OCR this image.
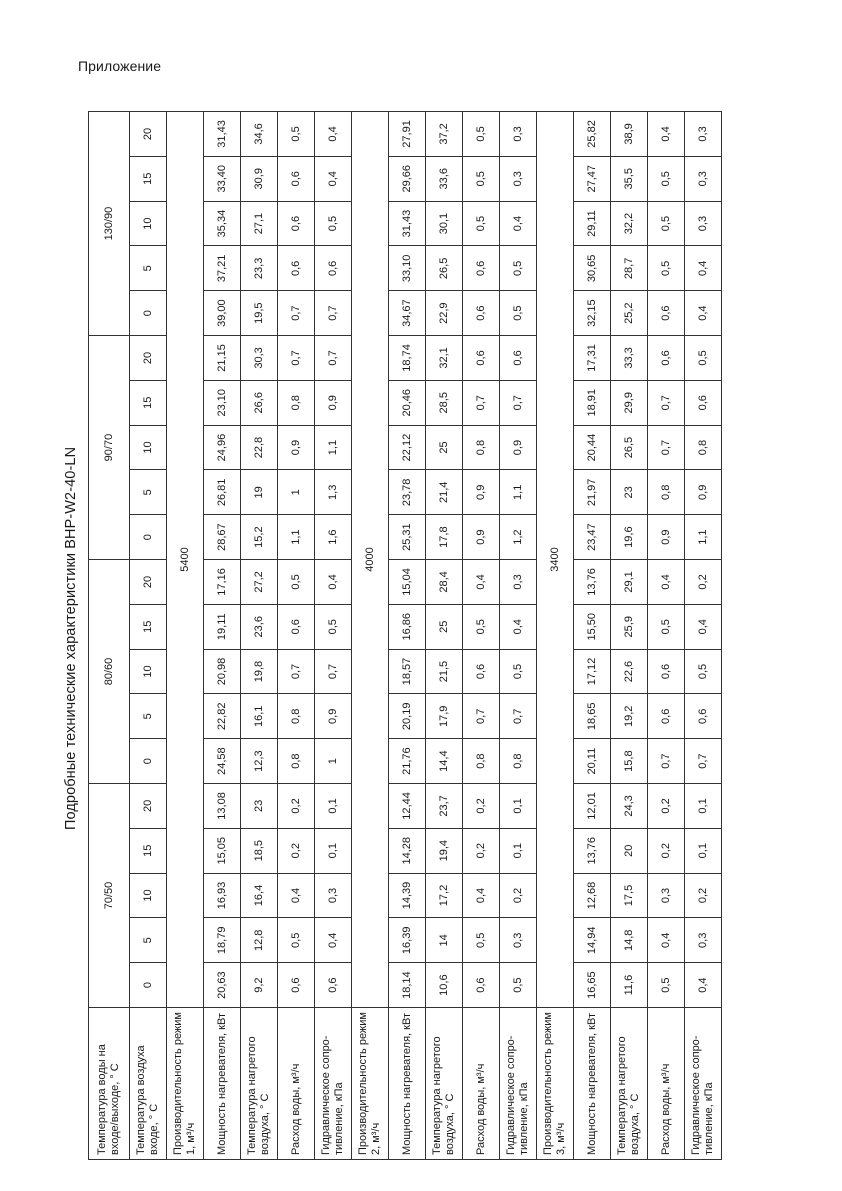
Приложение
Подробные технические характеристики ВНР-W2-40-LN
Температура воды на входе/выходе, ° С	70/50					80/60					90/70					130/90				
Температура воздуха входе, ° С	0	5	10	15	20	0	5	10	15	20	0	5	10	15	20	0	5	10	15	20
Производительность режим 1, м³/ч	5400																			
Мощность нагревателя, кВт	20,63	18,79	16,93	15,05	13,08	24,58	22,82	20,98	19,11	17,16	28,67	26,81	24,96	23,10	21,15	39,00	37,21	35,34	33,40	31,43
Температура нагретого воздуха, ° С	9,2	12,8	16,4	18,5	23	12,3	16,1	19,8	23,6	27,2	15,2	19	22,8	26,6	30,3	19,5	23,3	27,1	30,9	34,6
Расход воды, м³/ч	0,6	0,5	0,4	0,2	0,2	0,8	0,8	0,7	0,6	0,5	1,1	1	0,9	0,8	0,7	0,7	0,6	0,6	0,6	0,5
Гидравлическое сопро- тивление, кПа	0,6	0,4	0,3	0,1	0,1	1	0,9	0,7	0,5	0,4	1,6	1,3	1,1	0,9	0,7	0,7	0,6	0,5	0,4	0,4
Производительность режим 2, м³/ч	4000																			
Мощность нагревателя, кВт	18,14	16,39	14,39	14,28	12,44	21,76	20,19	18,57	16,86	15,04	25,31	23,78	22,12	20,46	18,74	34,67	33,10	31,43	29,66	27,91
Температура нагретого воздуха, ° С	10,6	14	17,2	19,4	23,7	14,4	17,9	21,5	25	28,4	17,8	21,4	25	28,5	32,1	22,9	26,5	30,1	33,6	37,2
Расход воды, м³/ч	0,6	0,5	0,4	0,2	0,2	0,8	0,7	0,6	0,5	0,4	0,9	0,9	0,8	0,7	0,6	0,6	0,6	0,5	0,5	0,5
Гидравлическое сопро- тивление, кПа	0,5	0,3	0,2	0,1	0,1	0,8	0,7	0,5	0,4	0,3	1,2	1,1	0,9	0,7	0,6	0,5	0,5	0,4	0,3	0,3
Производительность режим 3, м³/ч	3400																			
Мощность нагревателя, кВт	16,65	14,94	12,68	13,76	12,01	20,11	18,65	17,12	15,50	13,76	23,47	21,97	20,44	18,91	17,31	32,15	30,65	29,11	27,47	25,82
Температура нагретого воздуха, ° С	11,6	14,8	17,5	20	24,3	15,8	19,2	22,6	25,9	29,1	19,6	23	26,5	29,9	33,3	25,2	28,7	32,2	35,5	38,9
Расход воды, м³/ч	0,5	0,4	0,3	0,2	0,2	0,7	0,6	0,6	0,5	0,4	0,9	0,8	0,7	0,7	0,6	0,6	0,5	0,5	0,5	0,4
Гидравлическое сопро- тивление, кПа	0,4	0,3	0,2	0,1	0,1	0,7	0,6	0,5	0,4	0,2	1,1	0,9	0,8	0,6	0,5	0,4	0,4	0,3	0,3	0,3
